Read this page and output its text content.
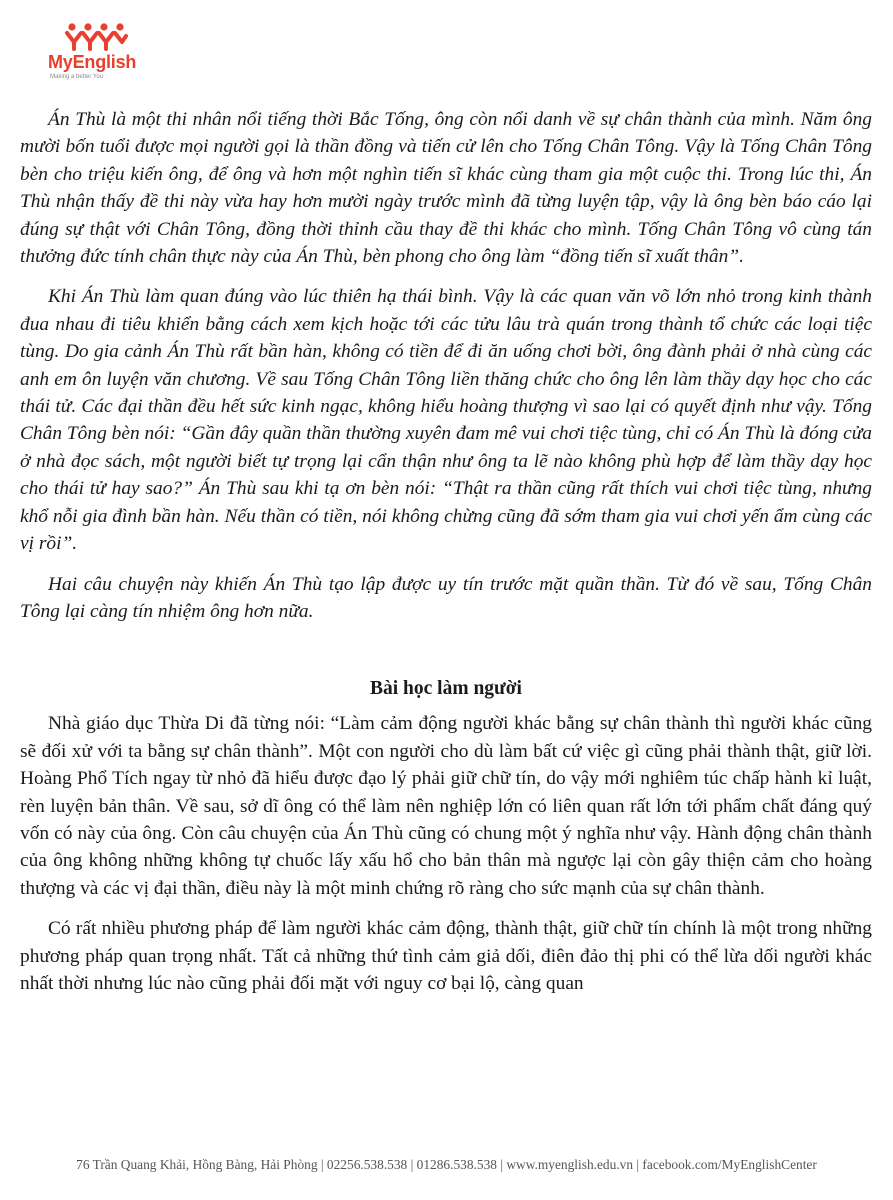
MyEnglish
Making a better You

Án Thù là một thi nhân nổi tiếng thời Bắc Tống, ông còn nổi danh về sự chân thành của mình. Năm ông mười bốn tuổi được mọi người gọi là thần đồng và tiến cử lên cho Tống Chân Tông. Vậy là Tống Chân Tông bèn cho triệu kiến ông, để ông và hơn một nghìn tiến sĩ khác cùng tham gia một cuộc thi. Trong lúc thi, Án Thù nhận thấy đề thi này vừa hay hơn mười ngày trước mình đã từng luyện tập, vậy là ông bèn báo cáo lại đúng sự thật với Chân Tông, đồng thời thỉnh cầu thay đề thi khác cho mình. Tống Chân Tông vô cùng tán thưởng đức tính chân thực này của Án Thù, bèn phong cho ông làm “đồng tiến sĩ xuất thân”.

Khi Án Thù làm quan đúng vào lúc thiên hạ thái bình. Vậy là các quan văn võ lớn nhỏ trong kinh thành đua nhau đi tiêu khiển bằng cách xem kịch hoặc tới các tửu lâu trà quán trong thành tổ chức các loại tiệc tùng. Do gia cảnh Án Thù rất bần hàn, không có tiền để đi ăn uống chơi bời, ông đành phải ở nhà cùng các anh em ôn luyện văn chương. Về sau Tống Chân Tông liền thăng chức cho ông lên làm thầy dạy học cho các thái tử. Các đại thần đều hết sức kinh ngạc, không hiểu hoàng thượng vì sao lại có quyết định như vậy. Tống Chân Tông bèn nói: “Gần đây quần thần thường xuyên đam mê vui chơi tiệc tùng, chỉ có Án Thù là đóng cửa ở nhà đọc sách, một người biết tự trọng lại cẩn thận như ông ta lẽ nào không phù hợp để làm thầy dạy học cho thái tử hay sao?” Án Thù sau khi tạ ơn bèn nói: “Thật ra thần cũng rất thích vui chơi tiệc tùng, nhưng khổ nỗi gia đình bần hàn. Nếu thần có tiền, nói không chừng cũng đã sớm tham gia vui chơi yến ẩm cùng các vị rồi”.

Hai câu chuyện này khiến Án Thù tạo lập được uy tín trước mặt quần thần. Từ đó về sau, Tống Chân Tông lại càng tín nhiệm ông hơn nữa.

Bài học làm người

Nhà giáo dục Thừa Di đã từng nói: “Làm cảm động người khác bằng sự chân thành thì người khác cũng sẽ đối xử với ta bằng sự chân thành”. Một con người cho dù làm bất cứ việc gì cũng phải thành thật, giữ lời. Hoàng Phổ Tích ngay từ nhỏ đã hiểu được đạo lý phải giữ chữ tín, do vậy mới nghiêm túc chấp hành kỉ luật, rèn luyện bản thân. Về sau, sở dĩ ông có thể làm nên nghiệp lớn có liên quan rất lớn tới phẩm chất đáng quý vốn có này của ông. Còn câu chuyện của Án Thù cũng có chung một ý nghĩa như vậy. Hành động chân thành của ông không những không tự chuốc lấy xấu hổ cho bản thân mà ngược lại còn gây thiện cảm cho hoàng thượng và các vị đại thần, điều này là một minh chứng rõ ràng cho sức mạnh của sự chân thành.

Có rất nhiều phương pháp để làm người khác cảm động, thành thật, giữ chữ tín chính là một trong những phương pháp quan trọng nhất. Tất cả những thứ tình cảm giả dối, điên đảo thị phi có thể lừa dối người khác nhất thời nhưng lúc nào cũng phải đối mặt với nguy cơ bại lộ, càng quan

76 Trần Quang Khải, Hồng Bàng, Hải Phòng | 02256.538.538 | 01286.538.538 | www.myenglish.edu.vn | facebook.com/MyEnglishCenter
